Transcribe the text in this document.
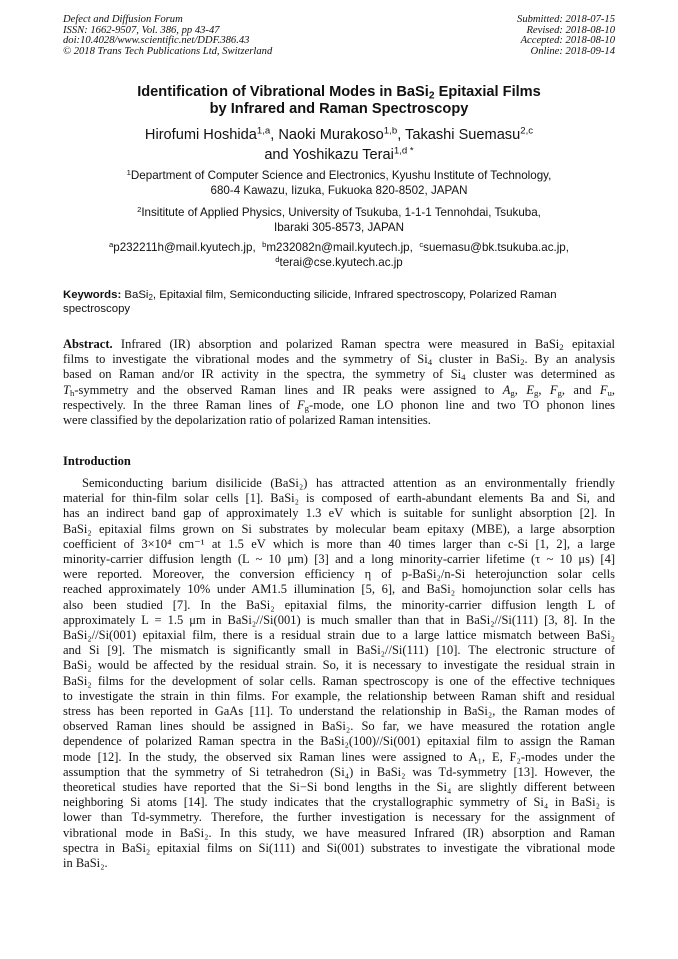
Defect and Diffusion Forum
ISSN: 1662-9507, Vol. 386, pp 43-47
doi:10.4028/www.scientific.net/DDF.386.43
© 2018 Trans Tech Publications Ltd, Switzerland
Submitted: 2018-07-15
Revised: 2018-08-10
Accepted: 2018-08-10
Online: 2018-09-14
Identification of Vibrational Modes in BaSi$_2$ Epitaxial Films
by Infrared and Raman Spectroscopy
Hirofumi Hoshida$^{1,a}$, Naoki Murakoso$^{1,b}$, Takashi Suemasu$^{2,c}$
and Yoshikazu Terai$^{1,d *}$
$^1$Department of Computer Science and Electronics, Kyushu Institute of Technology,
680-4 Kawazu, Iizuka, Fukuoka 820-8502, JAPAN
$^2$Insititute of Applied Physics, University of Tsukuba, 1-1-1 Tennohdai, Tsukuba,
Ibaraki 305-8573, JAPAN
$^a$p232211h@mail.kyutech.jp, $^b$m232082n@mail.kyutech.jp, $^c$suemasu@bk.tsukuba.ac.jp,
$^d$terai@cse.kyutech.ac.jp
Keywords: BaSi$_2$, Epitaxial film, Semiconducting silicide, Infrared spectroscopy, Polarized Raman spectroscopy
Abstract. Infrared (IR) absorption and polarized Raman spectra were measured in BaSi$_2$ epitaxial
films to investigate the vibrational modes and the symmetry of $Si_4$ cluster in BaSi$_2$. By an analysis
based on Raman and/or IR activity in the spectra, the symmetry of $Si_4$ cluster was determined as
$T_h$-symmetry and the observed Raman lines and IR peaks were assigned to $A_g$, $E_g$, $F_g$, and $F_u$,
respectively. In the three Raman lines of $F_g$-mode, one LO phonon line and two TO phonon lines
were classified by the depolarization ratio of polarized Raman intensities.
Introduction
Semiconducting barium disilicide (BaSi₂) has attracted attention as an environmentally friendly
material for thin-film solar cells [1]. BaSi₂ is composed of earth-abundant elements Ba and Si, and
has an indirect band gap of approximately 1.3 eV which is suitable for sunlight absorption [2]. In
BaSi₂ epitaxial films grown on Si substrates by molecular beam epitaxy (MBE), a large absorption
coefficient of 3×10⁴ cm⁻¹ at 1.5 eV which is more than 40 times larger than c-Si [1, 2], a large
minority-carrier diffusion length (L ~ 10 μm) [3] and a long minority-carrier lifetime (τ ~ 10 μs) [4]
were reported. Moreover, the conversion efficiency η of p-BaSi₂/n-Si heterojunction solar cells
reached approximately 10% under AM1.5 illumination [5, 6], and BaSi₂ homojunction solar cells has
also been studied [7]. In the BaSi₂ epitaxial films, the minority-carrier diffusion length L of
approximately L = 1.5 μm in BaSi₂//Si(001) is much smaller than that in BaSi₂//Si(111) [3, 8]. In the
BaSi₂//Si(001) epitaxial film, there is a residual strain due to a large lattice mismatch between BaSi₂
and Si [9]. The mismatch is significantly small in BaSi₂//Si(111) [10]. The electronic structure of
BaSi₂ would be affected by the residual strain. So, it is necessary to investigate the residual strain in
BaSi₂ films for the development of solar cells. Raman spectroscopy is one of the effective techniques
to investigate the strain in thin films. For example, the relationship between Raman shift and residual
stress has been reported in GaAs [11]. To understand the relationship in BaSi₂, the Raman modes of
observed Raman lines should be assigned in BaSi₂. So far, we have measured the rotation angle
dependence of polarized Raman spectra in the BaSi₂(100)//Si(001) epitaxial film to assign the Raman
mode [12]. In the study, the observed six Raman lines were assigned to A₁, E, F₂-modes under the
assumption that the symmetry of Si tetrahedron (Si₄) in BaSi₂ was Td-symmetry [13]. However, the
theoretical studies have reported that the Si−Si bond lengths in the Si₄ are slightly different between
neighboring Si atoms [14]. The study indicates that the crystallographic symmetry of Si₄ in BaSi₂ is
lower than Td-symmetry. Therefore, the further investigation is necessary for the assignment of
vibrational mode in BaSi₂. In this study, we have measured Infrared (IR) absorption and Raman
spectra in BaSi₂ epitaxial films on Si(111) and Si(001) substrates to investigate the vibrational mode
in BaSi₂.
